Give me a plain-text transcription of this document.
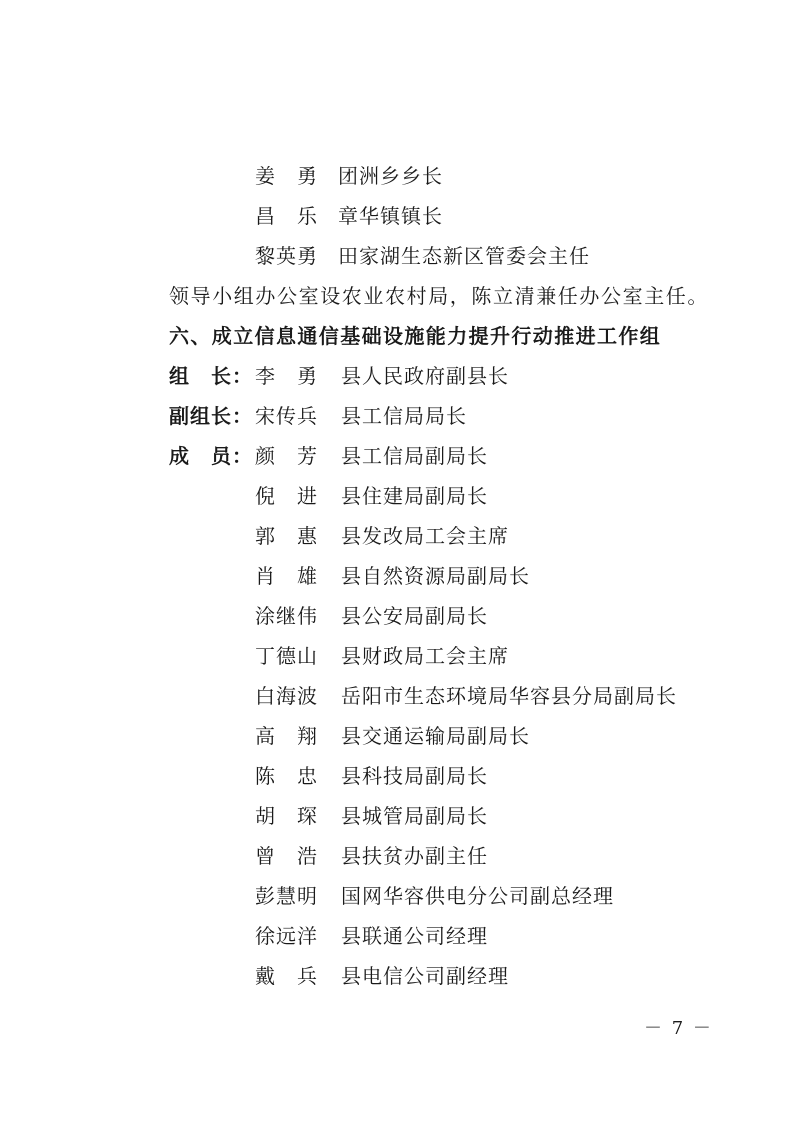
姜　勇 团洲乡乡长
昌　乐 章华镇镇长
黎英勇 田家湖生态新区管委会主任
领导小组办公室设农业农村局，陈立清兼任办公室主任。
六、成立信息通信基础设施能力提升行动推进工作组
组　长： 李　勇 县人民政府副县长
副组长： 宋传兵 县工信局局长
成　员： 颜　芳 县工信局副局长
倪　进 县住建局副局长
郭　惠 县发改局工会主席
肖　雄 县自然资源局副局长
涂继伟 县公安局副局长
丁德山 县财政局工会主席
白海波 岳阳市生态环境局华容县分局副局长
高　翔 县交通运输局副局长
陈　忠 县科技局副局长
胡　琛 县城管局副局长
曾　浩 县扶贫办副主任
彭慧明 国网华容供电分公司副总经理
徐远洋 县联通公司经理
戴　兵 县电信公司副经理
－ 7 －
